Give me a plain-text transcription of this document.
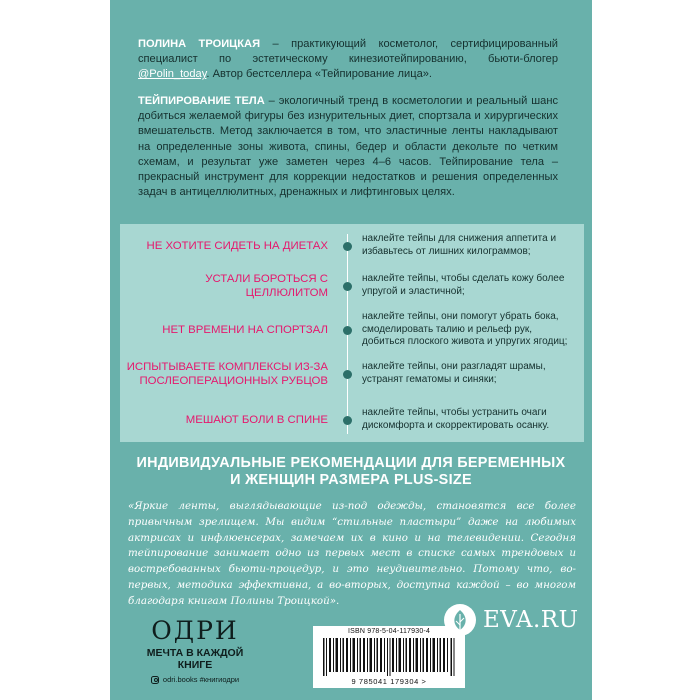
ПОЛИНА ТРОИЦКАЯ – практикующий косметолог, сертифицированный специалист по эстетическому кинезиотейпированию, бьюти-блогер @Polin_today. Автор бестселлера «Тейпирование лица».

ТЕЙПИРОВАНИЕ ТЕЛА – экологичный тренд в косметологии и реальный шанс добиться желаемой фигуры без изнурительных диет, спортзала и хирургических вмешательств. Метод заключается в том, что эластичные ленты накладывают на определенные зоны живота, спины, бедер и области декольте по четким схемам, и результат уже заметен через 4–6 часов. Тейпирование тела – прекрасный инструмент для коррекции недостатков и решения определенных задач в антицеллюлитных, дренажных и лифтинговых целях.

НЕ ХОТИТЕ СИДЕТЬ НА ДИЕТАХ
наклейте тейпы для снижения аппетита и избавьтесь от лишних килограммов;
УСТАЛИ БОРОТЬСЯ С ЦЕЛЛЮЛИТОМ
наклейте тейпы, чтобы сделать кожу более упругой и эластичной;
НЕТ ВРЕМЕНИ НА СПОРТЗАЛ
наклейте тейпы, они помогут убрать бока, смоделировать талию и рельеф рук, добиться плоского живота и упругих ягодиц;
ИСПЫТЫВАЕТЕ КОМПЛЕКСЫ ИЗ-ЗА ПОСЛЕОПЕРАЦИОННЫХ РУБЦОВ
наклейте тейпы, они разгладят шрамы, устранят гематомы и синяки;
МЕШАЮТ БОЛИ В СПИНЕ
наклейте тейпы, чтобы устранить очаги дискомфорта и скорректировать осанку.
ИНДИВИДУАЛЬНЫЕ РЕКОМЕНДАЦИИ ДЛЯ БЕРЕМЕННЫХ
И ЖЕНЩИН РАЗМЕРА PLUS-SIZE

«Яркие ленты, выглядывающие из-под одежды, становятся все более привычным зрелищем. Мы видим “стильные пластыри” даже на любимых актрисах и инфлюенсерах, замечаем их в кино и на телевидении. Сегодня тейпирование занимает одно из первых мест в списке самых трендовых и востребованных бьюти-процедур, и это неудивительно. Потому что, во-первых, методика эффективна, а во-вторых, доступна каждой – во многом благодаря книгам Полины Троицкой».

ОДРИ
МЕЧТА В КАЖДОЙ
КНИГЕ
odri.books #книгиодри
ISBN 978-5-04-117930-4
9 785041 179304 >
EVA.RU
